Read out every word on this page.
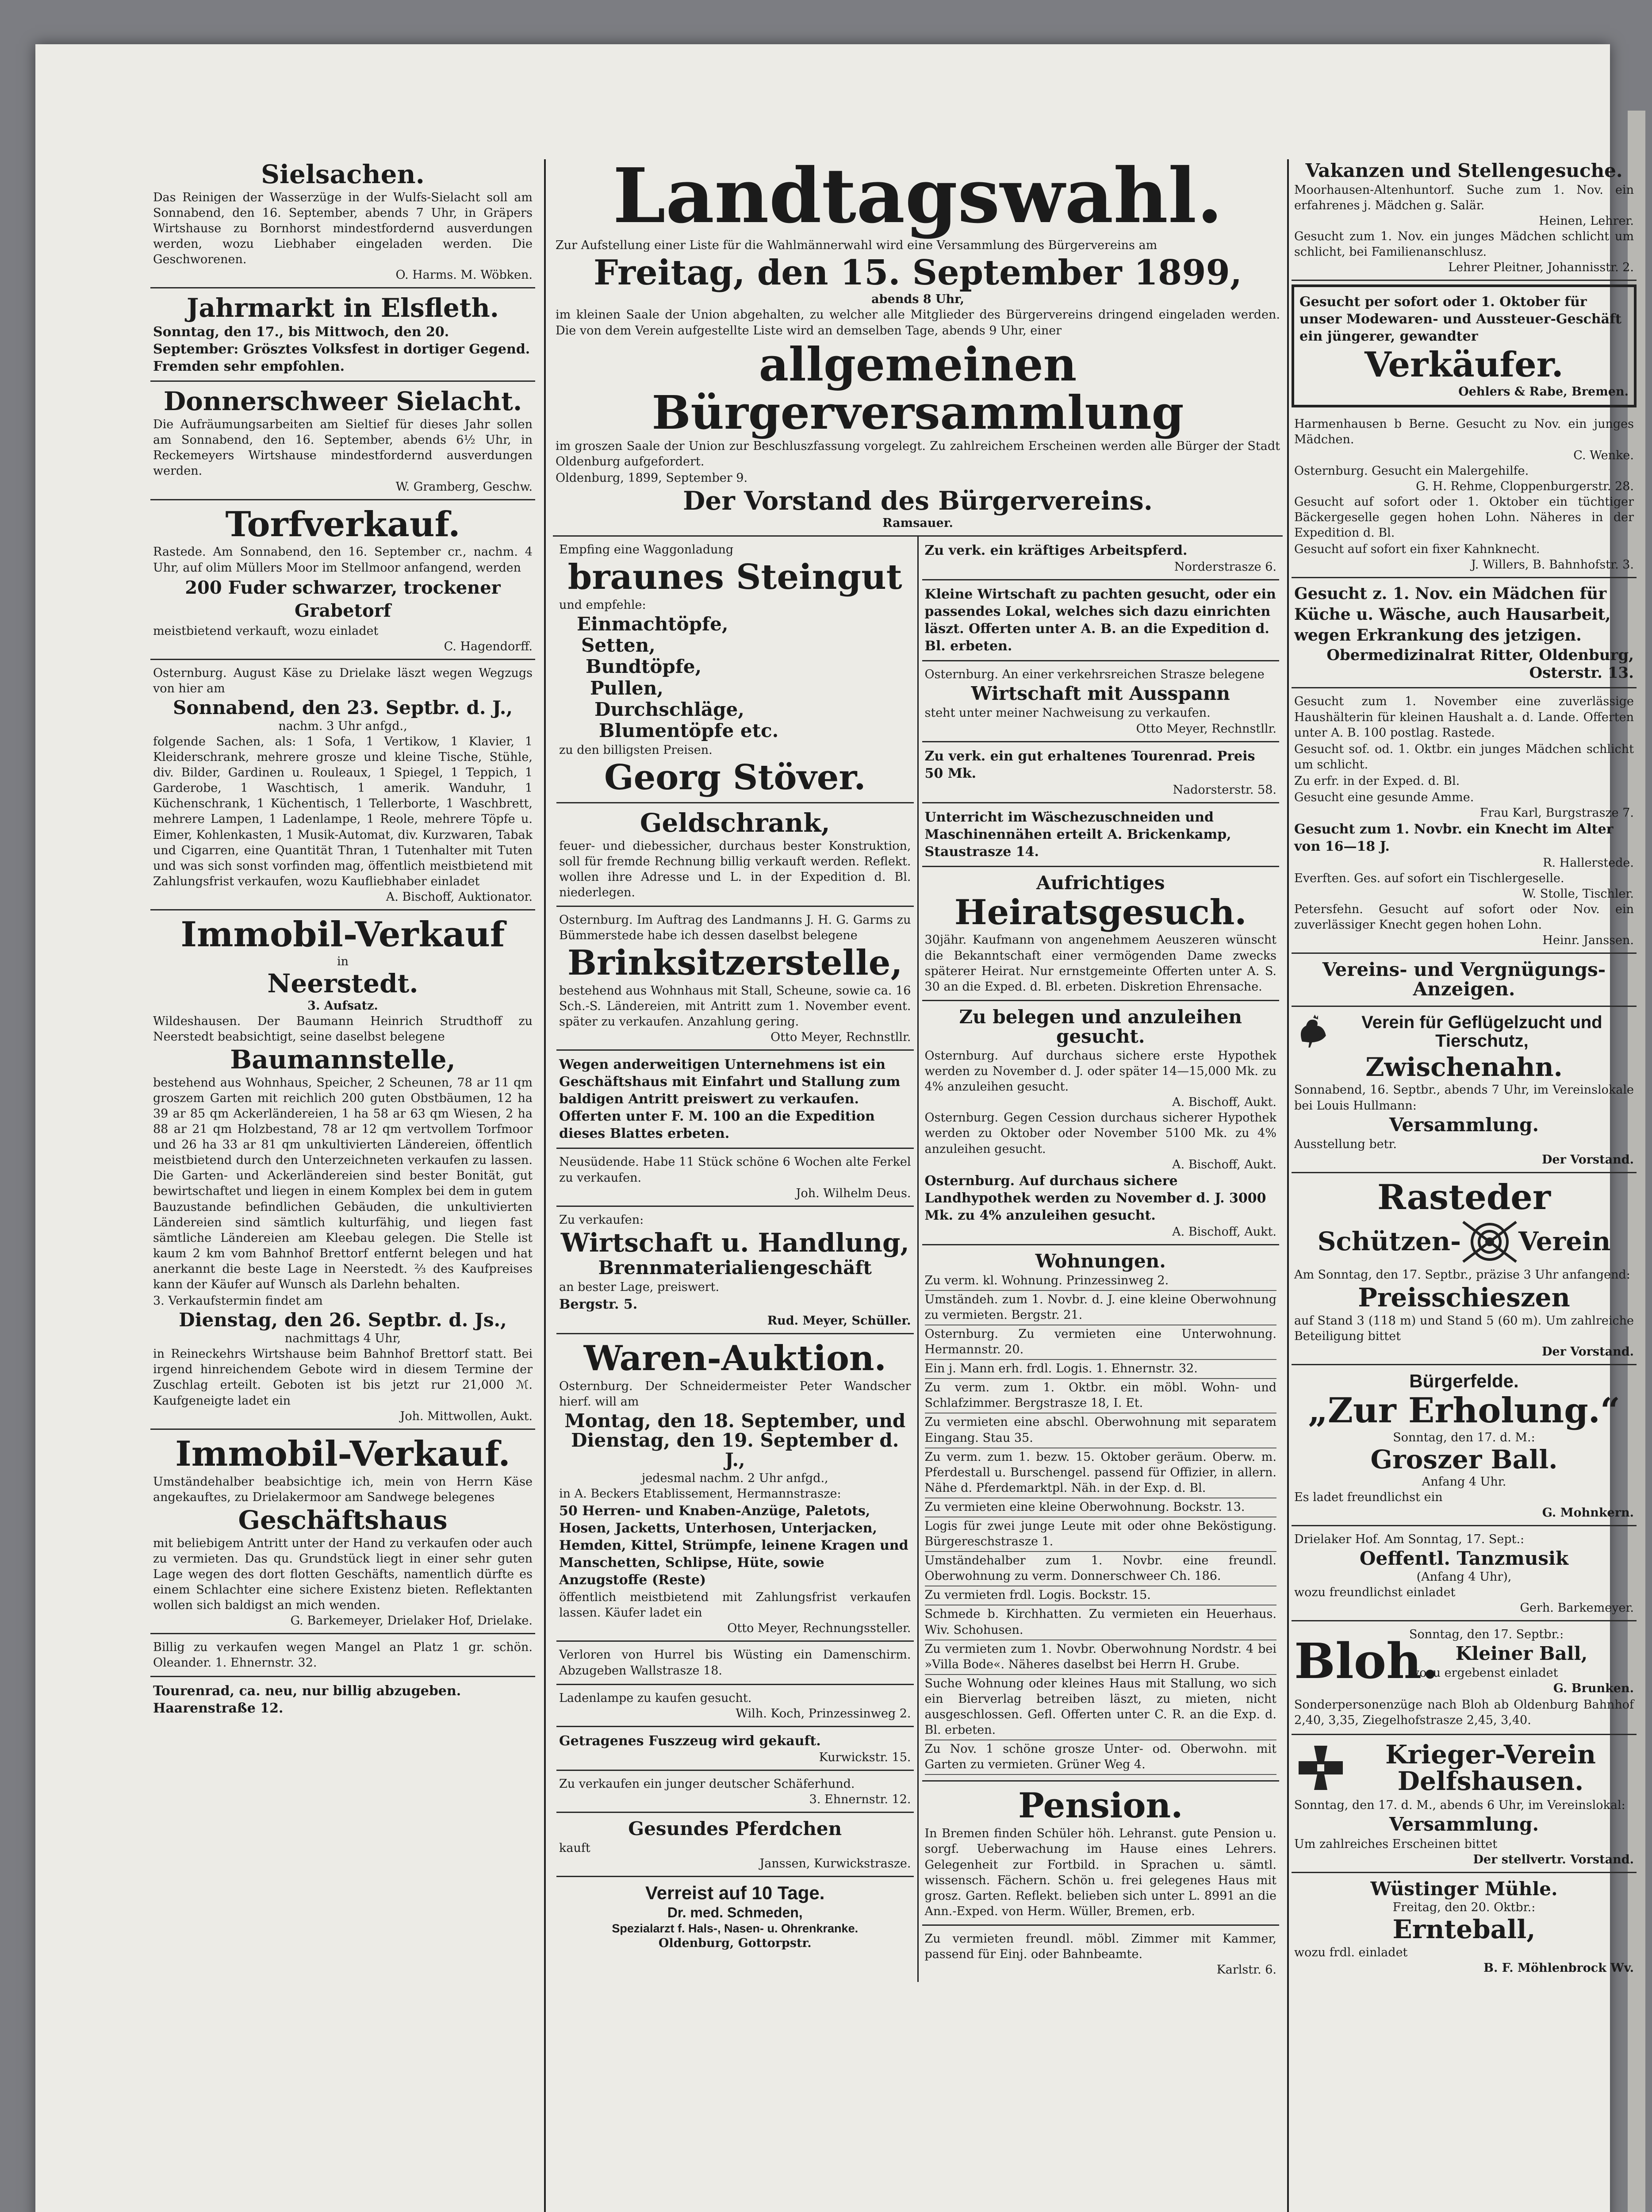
Sielsachen.

Das Reinigen der Wasserzüge in der Wulfs-Sielacht soll am Sonnabend, den 16. September, abends 7 Uhr, in Gräpers Wirtshause zu Bornhorst mindestfordernd ausverdungen werden, wozu Liebhaber eingeladen werden. Die Geschworenen.

O. Harms. M. Wöbken.

Jahrmarkt in Elsfleth.

Sonntag, den 17., bis Mittwoch, den 20. September: Grösztes Volksfest in dortiger Gegend. Fremden sehr empfohlen.

Donnerschweer Sielacht.

Die Aufräumungsarbeiten am Sieltief für dieses Jahr sollen am Sonnabend, den 16. September, abends 6½ Uhr, in Reckemeyers Wirtshause mindestfordernd ausverdungen werden.

W. Gramberg, Geschw.

Torfverkauf.

Rastede. Am Sonnabend, den 16. September cr., nachm. 4 Uhr, auf olim Müllers Moor im Stellmoor anfangend, werden

200 Fuder schwarzer, trockener Grabetorf

meistbietend verkauft, wozu einladet

C. Hagendorff.

Osternburg. August Käse zu Drielake läszt wegen Wegzugs von hier am

Sonnabend, den 23. Septbr. d. J.,

nachm. 3 Uhr anfgd.,

folgende Sachen, als: 1 Sofa, 1 Vertikow, 1 Klavier, 1 Kleiderschrank, mehrere grosze und kleine Tische, Stühle, div. Bilder, Gardinen u. Rouleaux, 1 Spiegel, 1 Teppich, 1 Garderobe, 1 Waschtisch, 1 amerik. Wanduhr, 1 Küchenschrank, 1 Küchentisch, 1 Tellerborte, 1 Waschbrett, mehrere Lampen, 1 Ladenlampe, 1 Reole, mehrere Töpfe u. Eimer, Kohlenkasten, 1 Musik-Automat, div. Kurzwaren, Tabak und Cigarren, eine Quantität Thran, 1 Tutenhalter mit Tuten und was sich sonst vorfinden mag, öffentlich meistbietend mit Zahlungsfrist verkaufen, wozu Kaufliebhaber einladet

A. Bischoff, Auktionator.

Immobil-Verkauf

in

Neerstedt.

3. Aufsatz.

Wildeshausen. Der Baumann Heinrich Strudthoff zu Neerstedt beabsichtigt, seine daselbst belegene

Baumannstelle,

bestehend aus Wohnhaus, Speicher, 2 Scheunen, 78 ar 11 qm groszem Garten mit reichlich 200 guten Obstbäumen, 12 ha 39 ar 85 qm Ackerländereien, 1 ha 58 ar 63 qm Wiesen, 2 ha 88 ar 21 qm Holzbestand, 78 ar 12 qm vertvollem Torfmoor und 26 ha 33 ar 81 qm unkultivierten Ländereien, öffentlich meistbietend durch den Unterzeichneten verkaufen zu lassen. Die Garten- und Ackerländereien sind bester Bonität, gut bewirtschaftet und liegen in einem Komplex bei dem in gutem Bauzustande befindlichen Gebäuden, die unkultivierten Ländereien sind sämtlich kulturfähig, und liegen fast sämtliche Ländereien am Kleebau gelegen. Die Stelle ist kaum 2 km vom Bahnhof Brettorf entfernt belegen und hat anerkannt die beste Lage in Neerstedt. ⅔ des Kaufpreises kann der Käufer auf Wunsch als Darlehn behalten.

3. Verkaufstermin findet am

Dienstag, den 26. Septbr. d. Js.,

nachmittags 4 Uhr,

in Reineckehrs Wirtshause beim Bahnhof Brettorf statt. Bei irgend hinreichendem Gebote wird in diesem Termine der Zuschlag erteilt. Geboten ist bis jetzt rur 21,000 ℳ. Kaufgeneigte ladet ein

Joh. Mittwollen, Aukt.

Immobil-Verkauf.

Umständehalber beabsichtige ich, mein von Herrn Käse angekauftes, zu Drielakermoor am Sandwege belegenes

Geschäftshaus

mit beliebigem Antritt unter der Hand zu verkaufen oder auch zu vermieten. Das qu. Grundstück liegt in einer sehr guten Lage wegen des dort flotten Geschäfts, namentlich dürfte es einem Schlachter eine sichere Existenz bieten. Reflektanten wollen sich baldigst an mich wenden.

G. Barkemeyer, Drielaker Hof, Drielake.

Billig zu verkaufen wegen Mangel an Platz 1 gr. schön. Oleander. 1. Ehnernstr. 32.

Tourenrad, ca. neu, nur billig abzugeben. Haarenstraße 12.

Landtagswahl.

Zur Aufstellung einer Liste für die Wahlmännerwahl wird eine Versammlung des Bürgervereins am

Freitag, den 15. September 1899,

abends 8 Uhr,

im kleinen Saale der Union abgehalten, zu welcher alle Mitglieder des Bürgervereins dringend eingeladen werden. Die von dem Verein aufgestellte Liste wird an demselben Tage, abends 9 Uhr, einer

allgemeinen Bürgerversammlung

im groszen Saale der Union zur Beschluszfassung vorgelegt. Zu zahlreichem Erscheinen werden alle Bürger der Stadt Oldenburg aufgefordert.

Oldenburg, 1899, September 9.

Der Vorstand des Bürgervereins.

Ramsauer.

Empfing eine Waggonladung

braunes Steingut

und empfehle:

Einmachtöpfe,
Setten,
Bundtöpfe,
Pullen,
Durchschläge,
Blumentöpfe etc.

zu den billigsten Preisen.

Georg Stöver.
Geldschrank,

feuer- und diebessicher, durchaus bester Konstruktion, soll für fremde Rechnung billig verkauft werden. Reflekt. wollen ihre Adresse und L. in der Expedition d. Bl. niederlegen.

Osternburg. Im Auftrag des Landmanns J. H. G. Garms zu Bümmerstede habe ich dessen daselbst belegene

Brinksitzerstelle,

bestehend aus Wohnhaus mit Stall, Scheune, sowie ca. 16 Sch.-S. Ländereien, mit Antritt zum 1. November event. später zu verkaufen. Anzahlung gering.

Otto Meyer, Rechnstllr.

Wegen anderweitigen Unternehmens ist ein Geschäftshaus mit Einfahrt und Stallung zum baldigen Antritt preiswert zu verkaufen. Offerten unter F. M. 100 an die Expedition dieses Blattes erbeten.

Neusüdende. Habe 11 Stück schöne 6 Wochen alte Ferkel zu verkaufen.

Joh. Wilhelm Deus.

Zu verkaufen:

Wirtschaft u. Handlung,
Brennmaterialiengeschäft

an bester Lage, preiswert.

Bergstr. 5.

Rud. Meyer, Schüller.

Waren-Auktion.

Osternburg. Der Schneidermeister Peter Wandscher hierf. will am

Montag, den 18. September, und Dienstag, den 19. September d. J.,

jedesmal nachm. 2 Uhr anfgd.,

in A. Beckers Etablissement, Hermannstrasze:

50 Herren- und Knaben-Anzüge, Paletots, Hosen, Jacketts, Unterhosen, Unterjacken, Hemden, Kittel, Strümpfe, leinene Kragen und Manschetten, Schlipse, Hüte, sowie Anzugstoffe (Reste)

öffentlich meistbietend mit Zahlungsfrist verkaufen lassen. Käufer ladet ein

Otto Meyer, Rechnungssteller.

Verloren von Hurrel bis Wüsting ein Damenschirm. Abzugeben Wallstrasze 18.

Ladenlampe zu kaufen gesucht.

Wilh. Koch, Prinzessinweg 2.

Getragenes Fuszzeug wird gekauft.

Kurwickstr. 15.

Zu verkaufen ein junger deutscher Schäferhund.

3. Ehnernstr. 12.

Gesundes Pferdchen

kauft

Janssen, Kurwickstrasze.

Verreist auf 10 Tage.

Dr. med. Schmeden,

Spezialarzt f. Hals-, Nasen- u. Ohrenkranke.

Oldenburg, Gottorpstr.

Zu verk. ein kräftiges Arbeitspferd.

Norderstrasze 6.

Kleine Wirtschaft zu pachten gesucht, oder ein passendes Lokal, welches sich dazu einrichten läszt. Offerten unter A. B. an die Expedition d. Bl. erbeten.

Osternburg. An einer verkehrsreichen Strasze belegene

Wirtschaft mit Ausspann

steht unter meiner Nachweisung zu verkaufen.

Otto Meyer, Rechnstllr.

Zu verk. ein gut erhaltenes Tourenrad. Preis 50 Mk.

Nadorsterstr. 58.

Unterricht im Wäschezuschneiden und Maschinennähen erteilt A. Brickenkamp, Staustrasze 14.

Aufrichtiges
Heiratsgesuch.

30jähr. Kaufmann von angenehmem Aeuszeren wünscht die Bekanntschaft einer vermögenden Dame zwecks späterer Heirat. Nur ernstgemeinte Offerten unter A. S. 30 an die Exped. d. Bl. erbeten. Diskretion Ehrensache.

Zu belegen und anzuleihen gesucht.

Osternburg. Auf durchaus sichere erste Hypothek werden zu November d. J. oder später 14—15,000 Mk. zu 4% anzuleihen gesucht.

A. Bischoff, Aukt.

Osternburg. Gegen Cession durchaus sicherer Hypothek werden zu Oktober oder November 5100 Mk. zu 4% anzuleihen gesucht.

A. Bischoff, Aukt.

Osternburg. Auf durchaus sichere Landhypothek werden zu November d. J. 3000 Mk. zu 4% anzuleihen gesucht.

A. Bischoff, Aukt.

Wohnungen.

Zu verm. kl. Wohnung. Prinzessinweg 2.

Umständeh. zum 1. Novbr. d. J. eine kleine Oberwohnung zu vermieten. Bergstr. 21.

Osternburg. Zu vermieten eine Unterwohnung. Hermannstr. 20.

Ein j. Mann erh. frdl. Logis. 1. Ehnernstr. 32.

Zu verm. zum 1. Oktbr. ein möbl. Wohn- und Schlafzimmer. Bergstrasze 18, I. Et.

Zu vermieten eine abschl. Oberwohnung mit separatem Eingang. Stau 35.

Zu verm. zum 1. bezw. 15. Oktober geräum. Oberw. m. Pferdestall u. Burschengel. passend für Offizier, in allern. Nähe d. Pferdemarktpl. Näh. in der Exp. d. Bl.

Zu vermieten eine kleine Oberwohnung. Bockstr. 13.

Logis für zwei junge Leute mit oder ohne Beköstigung. Bürgereschstrasze 1.

Umständehalber zum 1. Novbr. eine freundl. Oberwohnung zu verm. Donnerschweer Ch. 186.

Zu vermieten frdl. Logis. Bockstr. 15.

Schmede b. Kirchhatten. Zu vermieten ein Heuerhaus. Wiv. Schohusen.

Zu vermieten zum 1. Novbr. Oberwohnung Nordstr. 4 bei »Villa Bode«. Näheres daselbst bei Herrn H. Grube.

Suche Wohnung oder kleines Haus mit Stallung, wo sich ein Bierverlag betreiben läszt, zu mieten, nicht ausgeschlossen. Gefl. Offerten unter C. R. an die Exp. d. Bl. erbeten.

Zu Nov. 1 schöne grosze Unter- od. Oberwohn. mit Garten zu vermieten. Grüner Weg 4.

Pension.

In Bremen finden Schüler höh. Lehranst. gute Pension u. sorgf. Ueberwachung im Hause eines Lehrers. Gelegenheit zur Fortbild. in Sprachen u. sämtl. wissensch. Fächern. Schön u. frei gelegenes Haus mit grosz. Garten. Reflekt. belieben sich unter L. 8991 an die Ann.-Exped. von Herm. Wüller, Bremen, erb.

Zu vermieten freundl. möbl. Zimmer mit Kammer, passend für Einj. oder Bahnbeamte.

Karlstr. 6.

Vakanzen und Stellengesuche.

Moorhausen-Altenhuntorf. Suche zum 1. Nov. ein erfahrenes j. Mädchen g. Salär.

Heinen, Lehrer.

Gesucht zum 1. Nov. ein junges Mädchen schlicht um schlicht, bei Familienanschlusz.

Lehrer Pleitner, Johannisstr. 2.

Gesucht per sofort oder 1. Oktober für unser Modewaren- und Aussteuer-Geschäft ein jüngerer, gewandter

Verkäufer.

Oehlers & Rabe, Bremen.

Harmenhausen b Berne. Gesucht zu Nov. ein junges Mädchen.

C. Wenke.

Osternburg. Gesucht ein Malergehilfe.

G. H. Rehme, Cloppenburgerstr. 28.

Gesucht auf sofort oder 1. Oktober ein tüchtiger Bäckergeselle gegen hohen Lohn. Näheres in der Expedition d. Bl.

Gesucht auf sofort ein fixer Kahnknecht.

J. Willers, B. Bahnhofstr. 3.

Gesucht z. 1. Nov. ein Mädchen für Küche u. Wäsche, auch Hausarbeit, wegen Erkrankung des jetzigen.

Obermedizinalrat Ritter, Oldenburg, Osterstr. 13.

Gesucht zum 1. November eine zuverlässige Haushälterin für kleinen Haushalt a. d. Lande. Offerten unter A. B. 100 postlag. Rastede.

Gesucht sof. od. 1. Oktbr. ein junges Mädchen schlicht um schlicht.

Zu erfr. in der Exped. d. Bl.

Gesucht eine gesunde Amme.

Frau Karl, Burgstrasze 7.

Gesucht zum 1. Novbr. ein Knecht im Alter von 16—18 J.

R. Hallerstede.

Everften. Ges. auf sofort ein Tischlergeselle.

W. Stolle, Tischler.

Petersfehn. Gesucht auf sofort oder Nov. ein zuverlässiger Knecht gegen hohen Lohn.

Heinr. Janssen.

Vereins- und Vergnügungs-Anzeigen.
Verein für Geflügelzucht und Tierschutz,
Zwischenahn.

Sonnabend, 16. Septbr., abends 7 Uhr, im Vereinslokale bei Louis Hullmann:

Versammlung.

Ausstellung betr.

Der Vorstand.

Rasteder
Schützen- Verein

Am Sonntag, den 17. Septbr., präzise 3 Uhr anfangend:

Preisschieszen

auf Stand 3 (118 m) und Stand 5 (60 m). Um zahlreiche Beteiligung bittet

Der Vorstand.

Bürgerfelde.
„Zur Erholung.“

Sonntag, den 17. d. M.:

Groszer Ball.

Anfang 4 Uhr.

Es ladet freundlichst ein

G. Mohnkern.

Drielaker Hof. Am Sonntag, 17. Sept.:

Oeffentl. Tanzmusik

(Anfang 4 Uhr),

wozu freundlichst einladet

Gerh. Barkemeyer.

Bloh.

Sonntag, den 17. Septbr.:

Kleiner Ball,

wozu ergebenst einladet

G. Brunken.

Sonderpersonenzüge nach Bloh ab Oldenburg Bahnhof 2,40, 3,35, Ziegelhofstrasze 2,45, 3,40.

Krieger-Verein Delfshausen.

Sonntag, den 17. d. M., abends 6 Uhr, im Vereinslokal:

Versammlung.

Um zahlreiches Erscheinen bittet

Der stellvertr. Vorstand.

Wüstinger Mühle.

Freitag, den 20. Oktbr.:

Ernteball,

wozu frdl. einladet

B. F. Möhlenbrock Wv.
